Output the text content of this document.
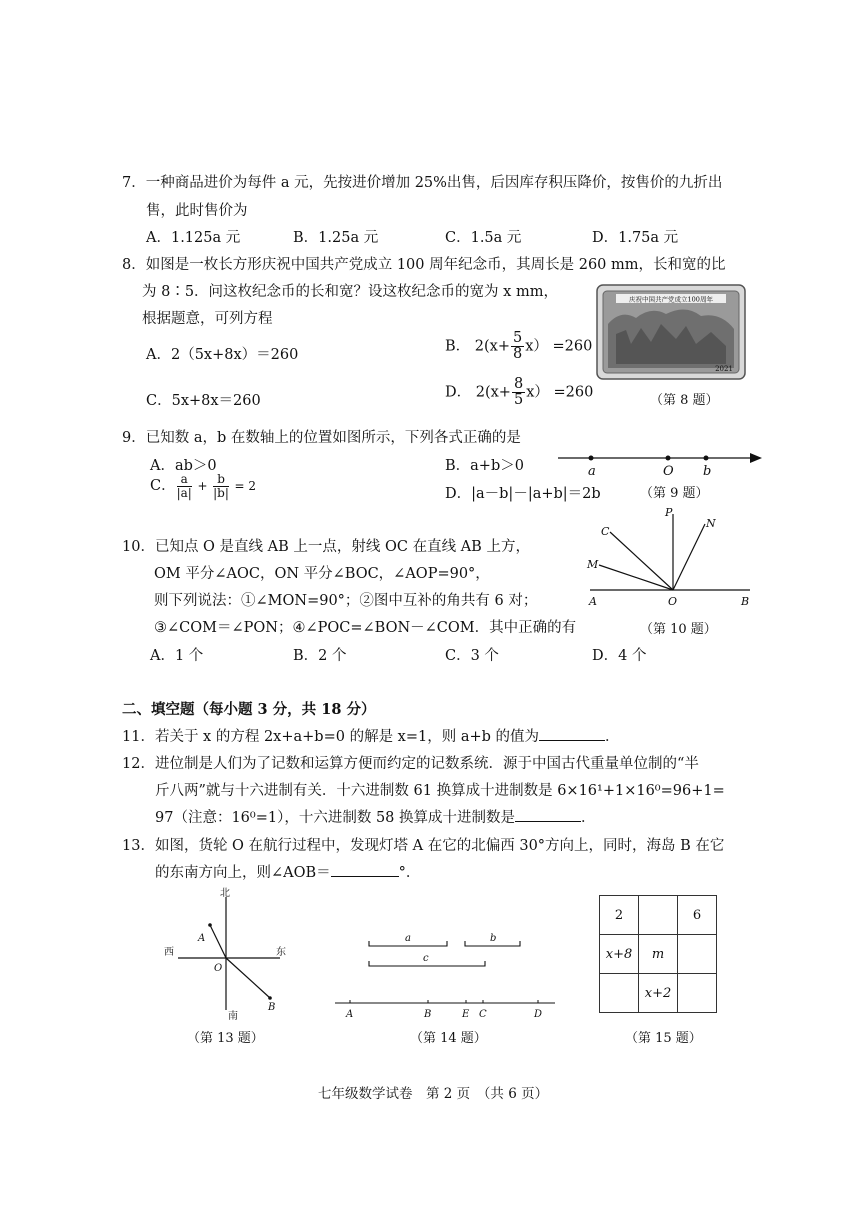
7．一种商品进价为每件 a 元，先按进价增加 25%出售，后因库存积压降价，按售价的九折出
售，此时售价为
A．1.125a 元	B．1.25a 元	C．1.5a 元	D．1.75a 元
8．如图是一枚长方形庆祝中国共产党成立 100 周年纪念币，其周长是 260 mm，长和宽的比
为 8∶5．问这枚纪念币的长和宽？设这枚纪念币的宽为 x mm，
根据题意，可列方程
A．2（5x+8x）＝260
B． $2(x+ \frac{5}{8} x) =260$
C．5x+8x＝260
D． $2(x+ \frac{8}{5} x) =260$
庆祝中国共产党成立100周年
2021
（第 8 题）
9．已知数 a，b 在数轴上的位置如图所示，下列各式正确的是
A．ab＞0	B．a+b＞0
C． $\frac{a}{|a|} + \frac{b}{|b|} = 2$	D．|a－b|－|a+b|＝2b
a	O b
（第 9 题）
10．已知点 O 是直线 AB 上一点，射线 OC 在直线 AB 上方，
OM 平分∠AOC，ON 平分∠BOC，∠AOP=90°，
则下列说法：①∠MON=90°；②图中互补的角共有 6 对；
③∠COM＝∠PON；④∠POC=∠BON－∠COM．其中正确的有
A．1 个	B．2 个	C．3 个	D．4 个
P
N
C
M
A	O	B
（第 10 题）
二、填空题（每小题 3 分，共 18 分）
11．若关于 x 的方程 2x+a+b=0 的解是 x=1，则 a+b 的值为	．
12．进位制是人们为了记数和运算方便而约定的记数系统．源于中国古代重量单位制的“半
斤八两”就与十六进制有关．十六进制数 61 换算成十进制数是 6×16¹+1×16⁰=96+1=
97（注意：16⁰=1），十六进制数 58 换算成十进制数是	．
13．如图，货轮 O 在航行过程中，发现灯塔 A 在它的北偏西 30°方向上，同时，海岛 B 在它
的东南方向上，则∠AOB＝	°．
北
西	东
南
A
O
B
（第 13 题）
a	b
c
A	B	E C	D
（第 14 题）
2		6
x+8	m	
	x+2	
（第 15 题）
七年级数学试卷　第 2 页　（共 6 页）
